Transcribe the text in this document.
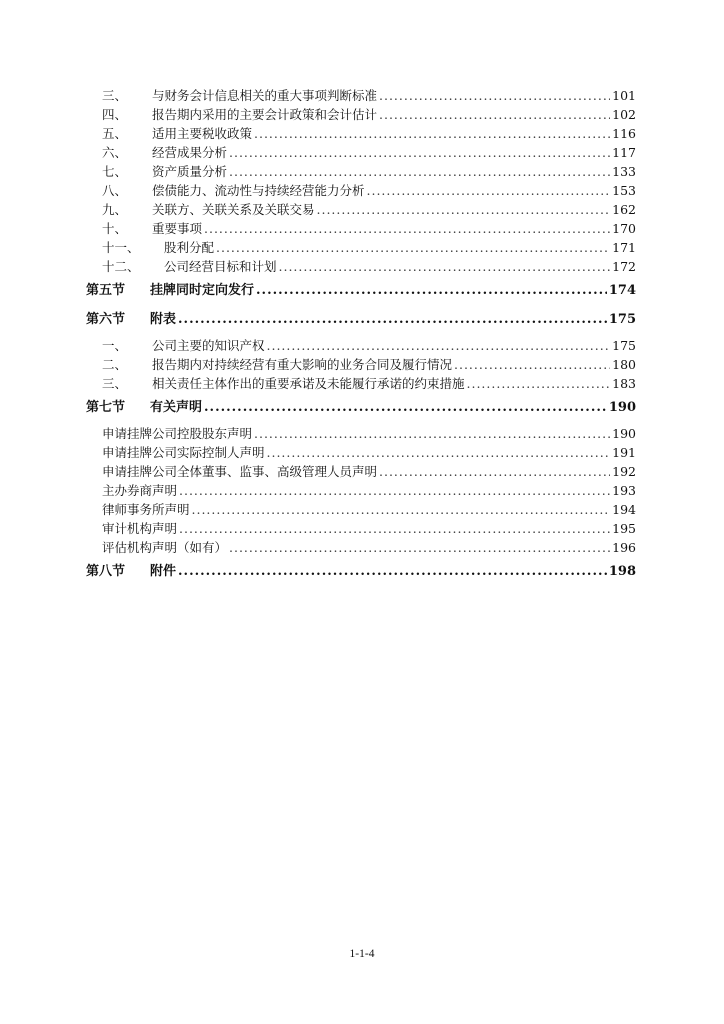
三、	与财务会计信息相关的重大事项判断标准 .....	101
四、	报告期内采用的主要会计政策和会计估计 .....	102
五、	适用主要税收政策 .....	116
六、	经营成果分析 .....	117
七、	资产质量分析 .....	133
八、	偿债能力、流动性与持续经营能力分析 .....	153
九、	关联方、关联关系及关联交易 .....	162
十、	重要事项 .....	170
十一、	股利分配 .....	171
十二、	公司经营目标和计划 .....	172
第五节	挂牌同时定向发行 .....	174
第六节	附表 .....	175
一、	公司主要的知识产权 .....	175
二、	报告期内对持续经营有重大影响的业务合同及履行情况 .....	180
三、	相关责任主体作出的重要承诺及未能履行承诺的约束措施 .....	183
第七节	有关声明 .....	190
申请挂牌公司控股股东声明 .....	190
申请挂牌公司实际控制人声明 .....	191
申请挂牌公司全体董事、监事、高级管理人员声明 .....	192
主办券商声明 .....	193
律师事务所声明 .....	194
审计机构声明 .....	195
评估机构声明（如有） .....	196
第八节	附件 .....	198
1-1-4
